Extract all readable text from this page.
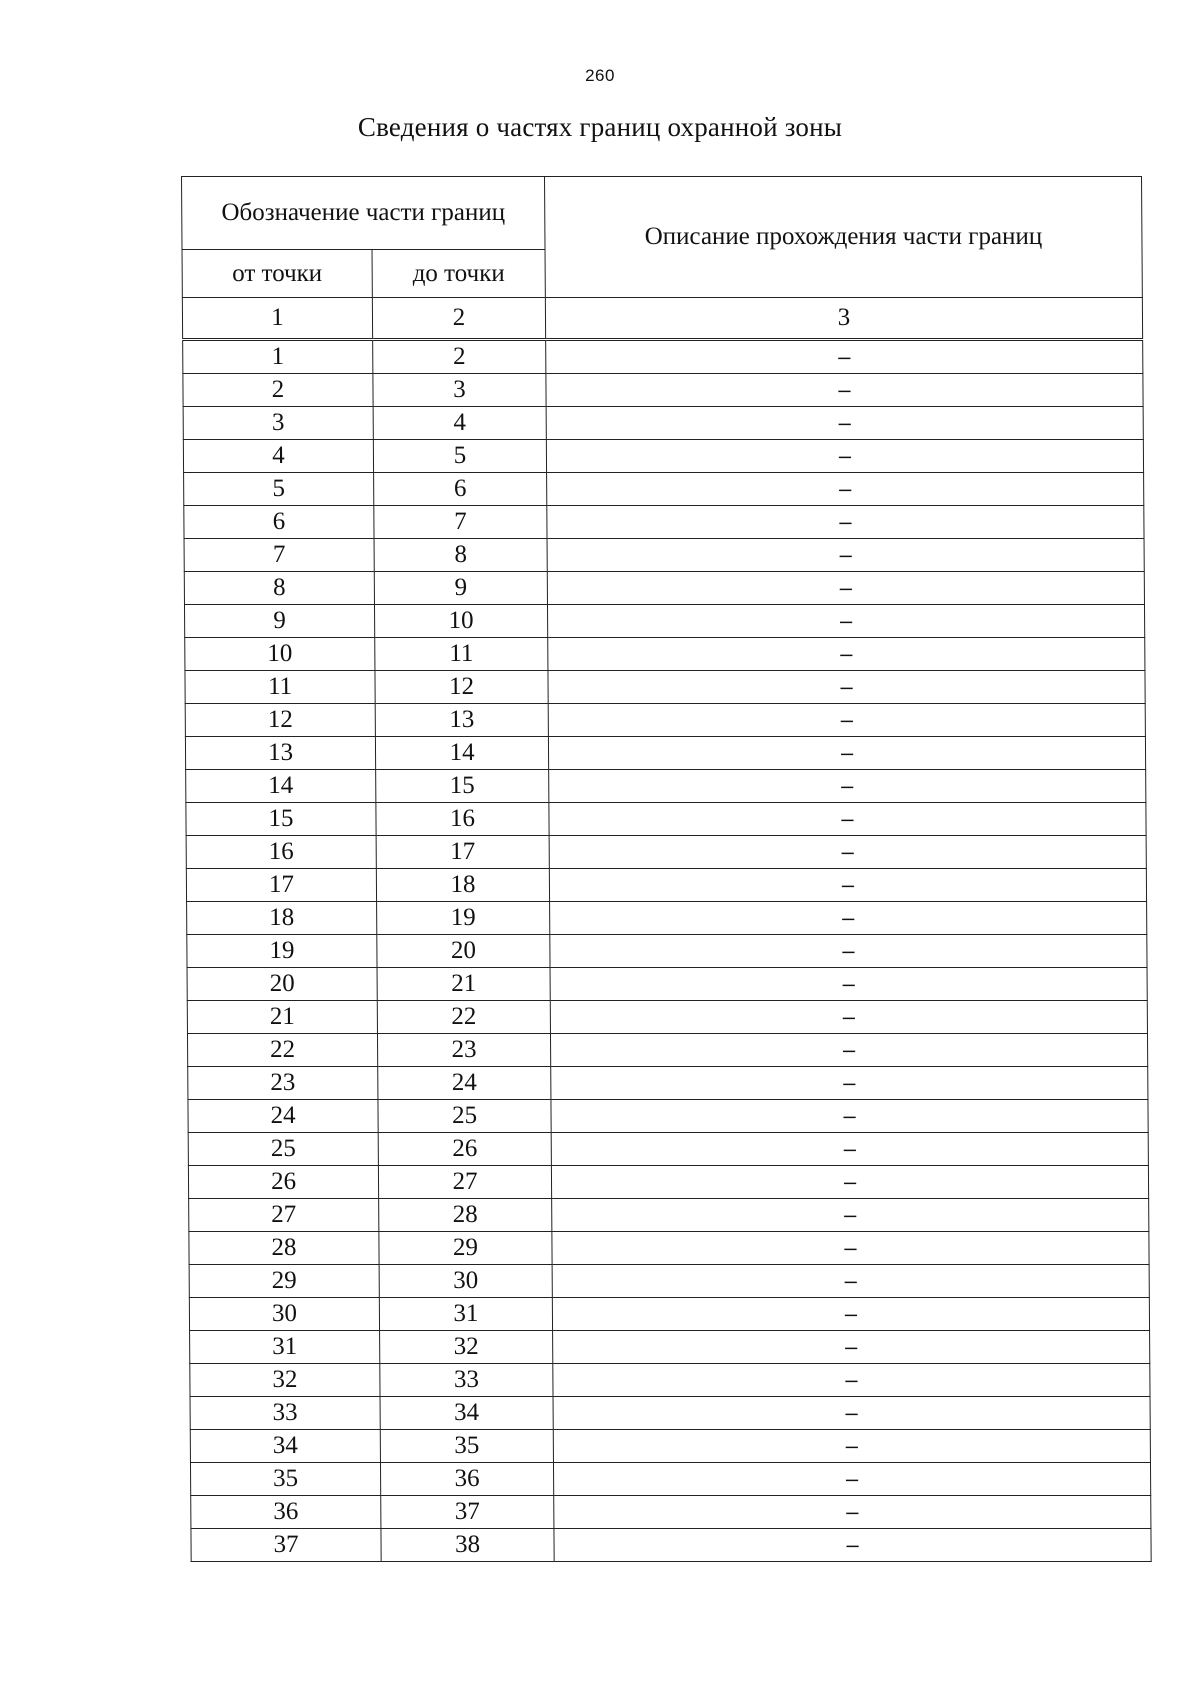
260
Сведения о частях границ охранной зоны
Обозначение части границ		Описание прохождения части границ
от точки	до точки	
1	2	3
1	2	–
2	3	–
3	4	–
4	5	–
5	6	–
6	7	–
7	8	–
8	9	–
9	10	–
10	11	–
11	12	–
12	13	–
13	14	–
14	15	–
15	16	–
16	17	–
17	18	–
18	19	–
19	20	–
20	21	–
21	22	–
22	23	–
23	24	–
24	25	–
25	26	–
26	27	–
27	28	–
28	29	–
29	30	–
30	31	–
31	32	–
32	33	–
33	34	–
34	35	–
35	36	–
36	37	–
37	38	–
